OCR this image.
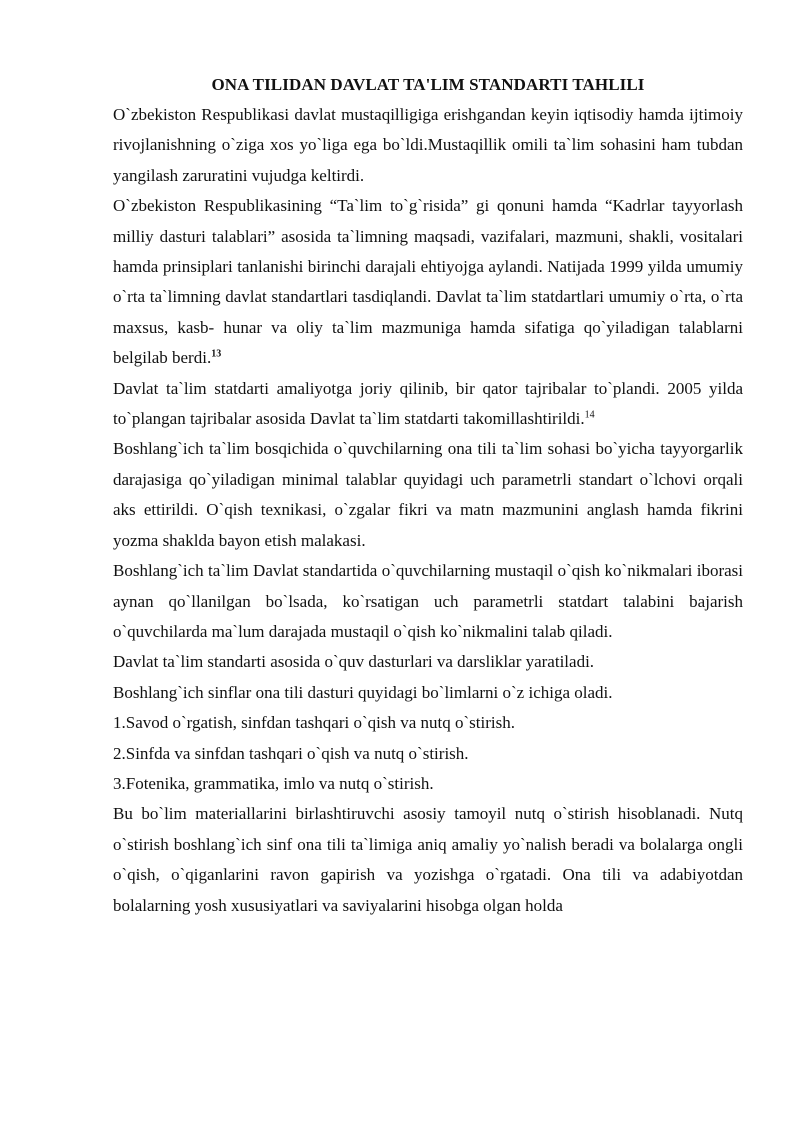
ONA TILIDAN DAVLAT TA'LIM STANDARTI TAHLILI

O`zbekiston Respublikasi davlat mustaqilligiga erishgandan keyin iqtisodiy hamda ijtimoiy rivojlanishning o`ziga xos yo`liga ega bo`ldi.Mustaqillik omili ta`lim sohasini ham tubdan yangilash zaruratini vujudga keltirdi.

O`zbekiston Respublikasining “Ta`lim to`g`risida” gi qonuni hamda “Kadrlar tayyorlash milliy dasturi talablari” asosida ta`limning maqsadi, vazifalari, mazmuni, shakli, vositalari hamda prinsiplari tanlanishi birinchi darajali ehtiyojga aylandi. Natijada 1999 yilda umumiy o`rta ta`limning davlat standartlari tasdiqlandi. Davlat ta`lim statdartlari umumiy o`rta, o`rta maxsus, kasb- hunar va oliy ta`lim mazmuniga hamda sifatiga qo`yiladigan talablarni belgilab berdi.$^{13}$

Davlat ta`lim statdarti amaliyotga joriy qilinib, bir qator tajribalar to`plandi. 2005 yilda to`plangan tajribalar asosida Davlat ta`lim statdarti takomillashtirildi.$^{14}$

Boshlang`ich ta`lim bosqichida o`quvchilarning ona tili ta`lim sohasi bo`yicha tayyorgarlik darajasiga qo`yiladigan minimal talablar quyidagi uch parametrli standart o`lchovi orqali aks ettirildi. O`qish texnikasi, o`zgalar fikri va matn mazmunini anglash hamda fikrini yozma shaklda bayon etish malakasi.

Boshlang`ich ta`lim Davlat standartida o`quvchilarning mustaqil o`qish ko`nikmalari iborasi aynan qo`llanilgan bo`lsada, ko`rsatigan uch parametrli statdart talabini bajarish o`quvchilarda ma`lum darajada mustaqil o`qish ko`nikmalini talab qiladi.

Davlat ta`lim standarti asosida o`quv dasturlari va darsliklar yaratiladi.

Boshlang`ich sinflar ona tili dasturi quyidagi bo`limlarni o`z ichiga oladi.

1.Savod o`rgatish, sinfdan tashqari o`qish va nutq o`stirish.

2.Sinfda va sinfdan tashqari o`qish va nutq o`stirish.

3.Fotenika, grammatika, imlo va nutq o`stirish.

Bu bo`lim materiallarini birlashtiruvchi asosiy tamoyil nutq o`stirish hisoblanadi. Nutq o`stirish boshlang`ich sinf ona tili ta`limiga aniq amaliy yo`nalish beradi va bolalarga ongli o`qish, o`qiganlarini ravon gapirish va yozishga o`rgatadi. Ona tili va adabiyotdan bolalarning yosh xususiyatlari va saviyalarini hisobga olgan holda
